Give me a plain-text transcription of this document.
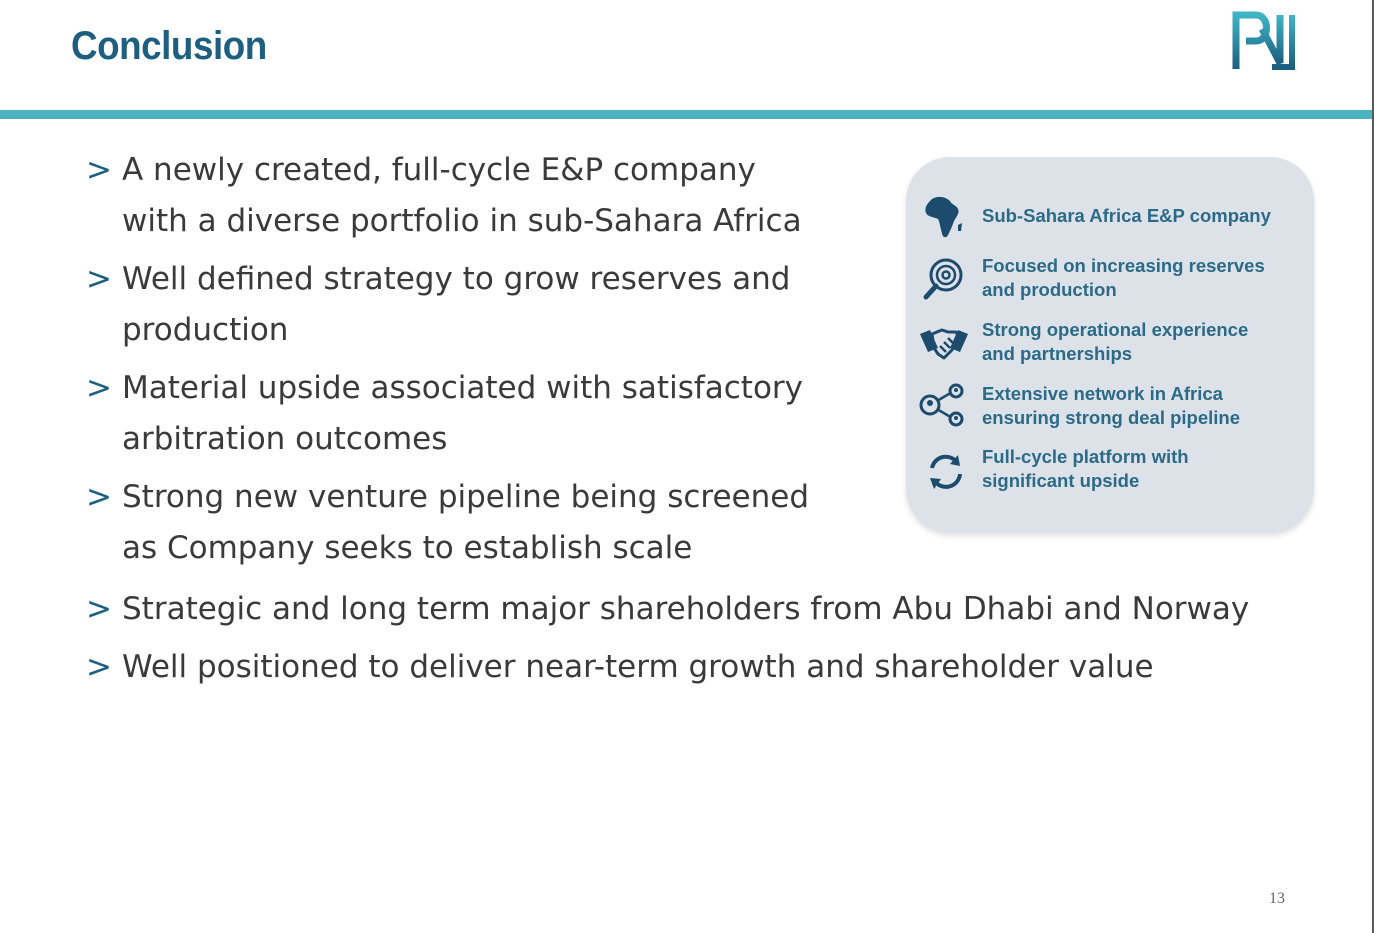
Conclusion
> A newly created, full-cycle E&P company
with a diverse portfolio in sub-Sahara Africa
> Well defined strategy to grow reserves and
production
> Material upside associated with satisfactory
arbitration outcomes
> Strong new venture pipeline being screened
as Company seeks to establish scale
> Strategic and long term major shareholders from Abu Dhabi and Norway
> Well positioned to deliver near-term growth and shareholder value
Sub-Sahara Africa E&P company
Focused on increasing reserves
and production
Strong operational experience
and partnerships
Extensive network in Africa
ensuring strong deal pipeline
Full-cycle platform with
significant upside
13
